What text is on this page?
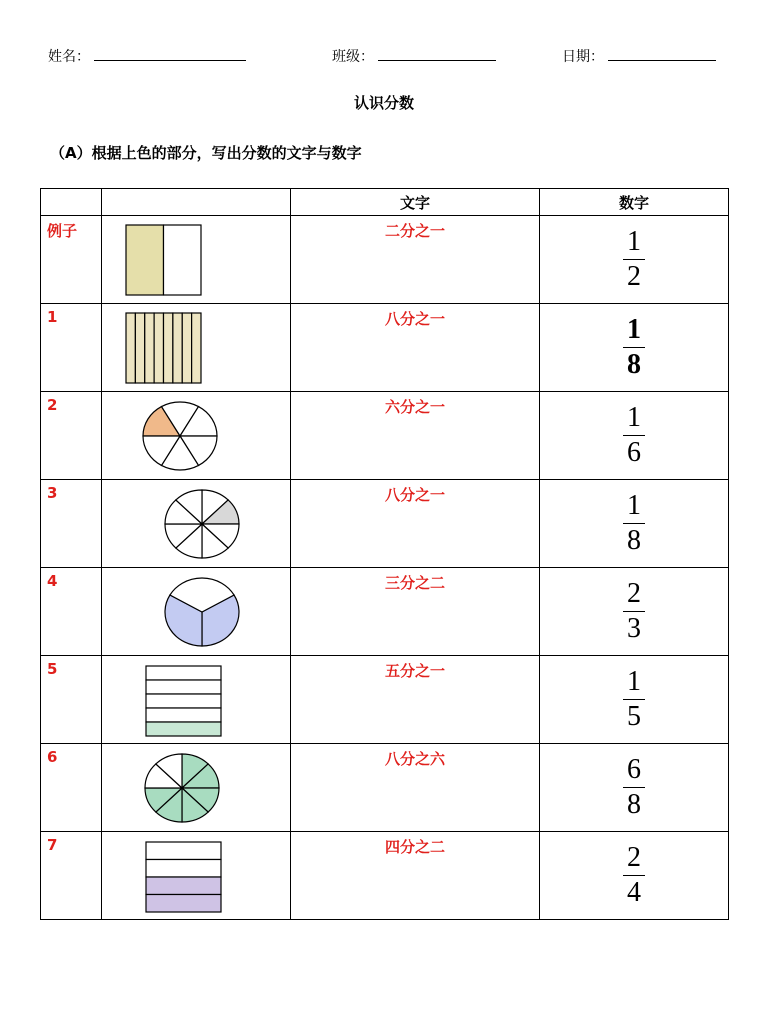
姓名：	班级：	日期：
认识分数
（A）根据上色的部分，写出分数的文字与数字
		文字	数字

例子		二分之一	1
2

1		八分之一	1
8

2		六分之一	1
6

3		八分之一	1
8

4		三分之二	2
3

5		五分之一	1
5

6		八分之六	6
8

7		四分之二	2
4
